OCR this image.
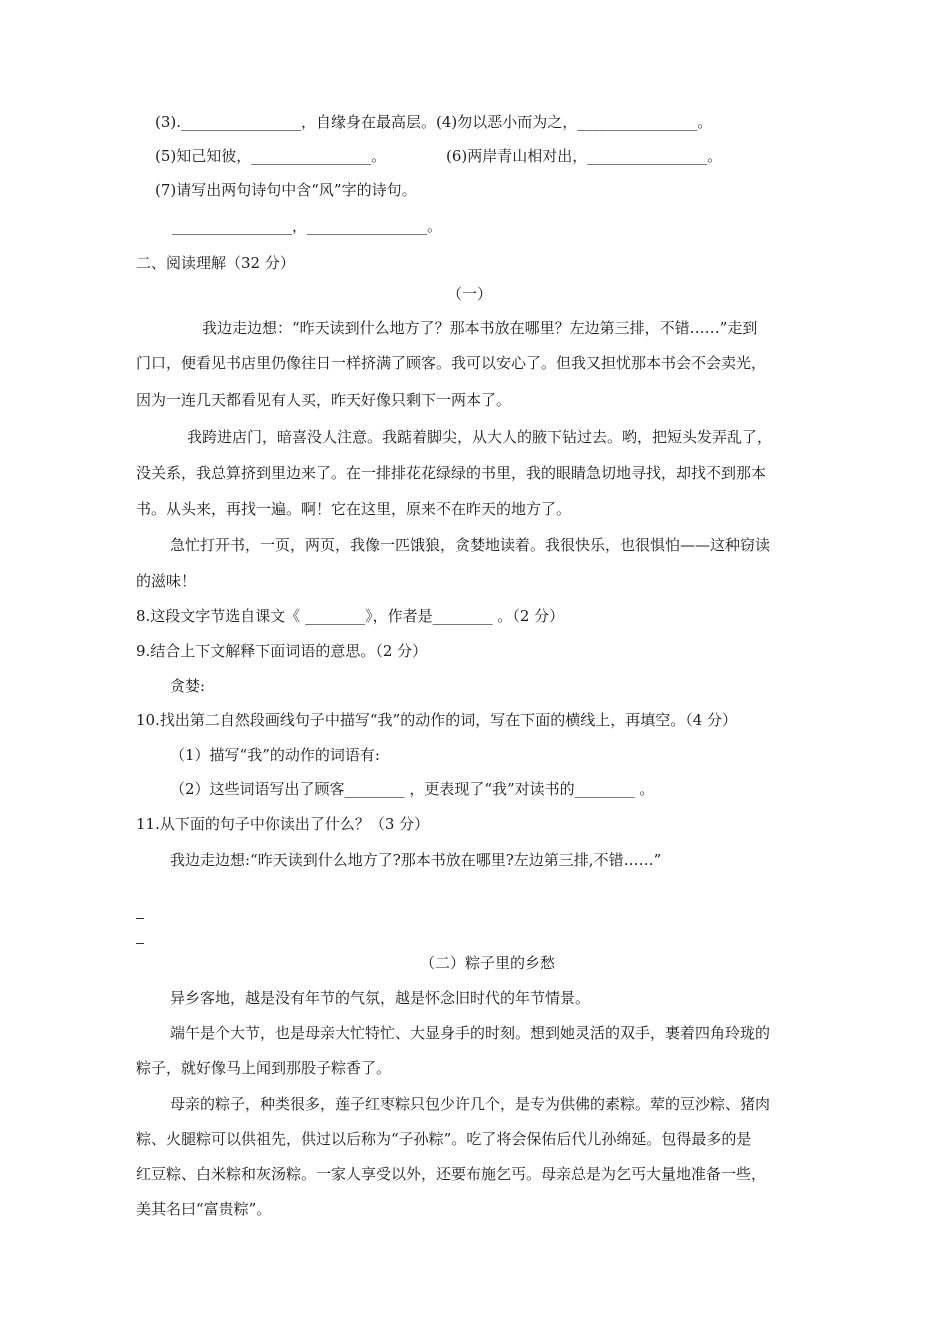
(3).________________，自缘身在最高层。(4)勿以恶小而为之，________________。
(5)知己知彼，________________。	(6)两岸青山相对出，________________。
(7)请写出两句诗句中含“风”字的诗句。
________________，________________。
二、阅读理解（32 分）
（一）
我边走边想：“昨天读到什么地方了？那本书放在哪里？左边第三排，不错……”走到
门口，便看见书店里仍像往日一样挤满了顾客。我可以安心了。但我又担忧那本书会不会卖光，
因为一连几天都看见有人买，昨天好像只剩下一两本了。
我跨进店门，暗喜没人注意。我踮着脚尖，从大人的腋下钻过去。哟，把短头发弄乱了，
没关系，我总算挤到里边来了。在一排排花花绿绿的书里，我的眼睛急切地寻找，却找不到那本
书。从头来，再找一遍。啊！它在这里，原来不在昨天的地方了。
急忙打开书，一页，两页，我像一匹饿狼，贪婪地读着。我很快乐，也很惧怕——这种窃读
的滋味！
8.这段文字节选自课文《 ________》，作者是________ 。（2 分）
9.结合上下文解释下面词语的意思。（2 分）
贪婪:
10.找出第二自然段画线句子中描写“我”的动作的词，写在下面的横线上，再填空。（4 分）
（1）描写“我”的动作的词语有:
（2）这些词语写出了顾客________ ，更表现了“我”对读书的________ 。
11.从下面的句子中你读出了什么？（3 分）
我边走边想:“昨天读到什么地方了?那本书放在哪里?左边第三排,不错……”
（二）粽子里的乡愁
异乡客地，越是没有年节的气氛，越是怀念旧时代的年节情景。
端午是个大节，也是母亲大忙特忙、大显身手的时刻。想到她灵活的双手，裹着四角玲珑的
粽子，就好像马上闻到那股子粽香了。
母亲的粽子，种类很多，莲子红枣粽只包少许几个，是专为供佛的素粽。荤的豆沙粽、猪肉
粽、火腿粽可以供祖先，供过以后称为“子孙粽”。吃了将会保佑后代儿孙绵延。包得最多的是
红豆粽、白米粽和灰汤粽。一家人享受以外，还要布施乞丐。母亲总是为乞丐大量地准备一些，
美其名曰“富贵粽”。
